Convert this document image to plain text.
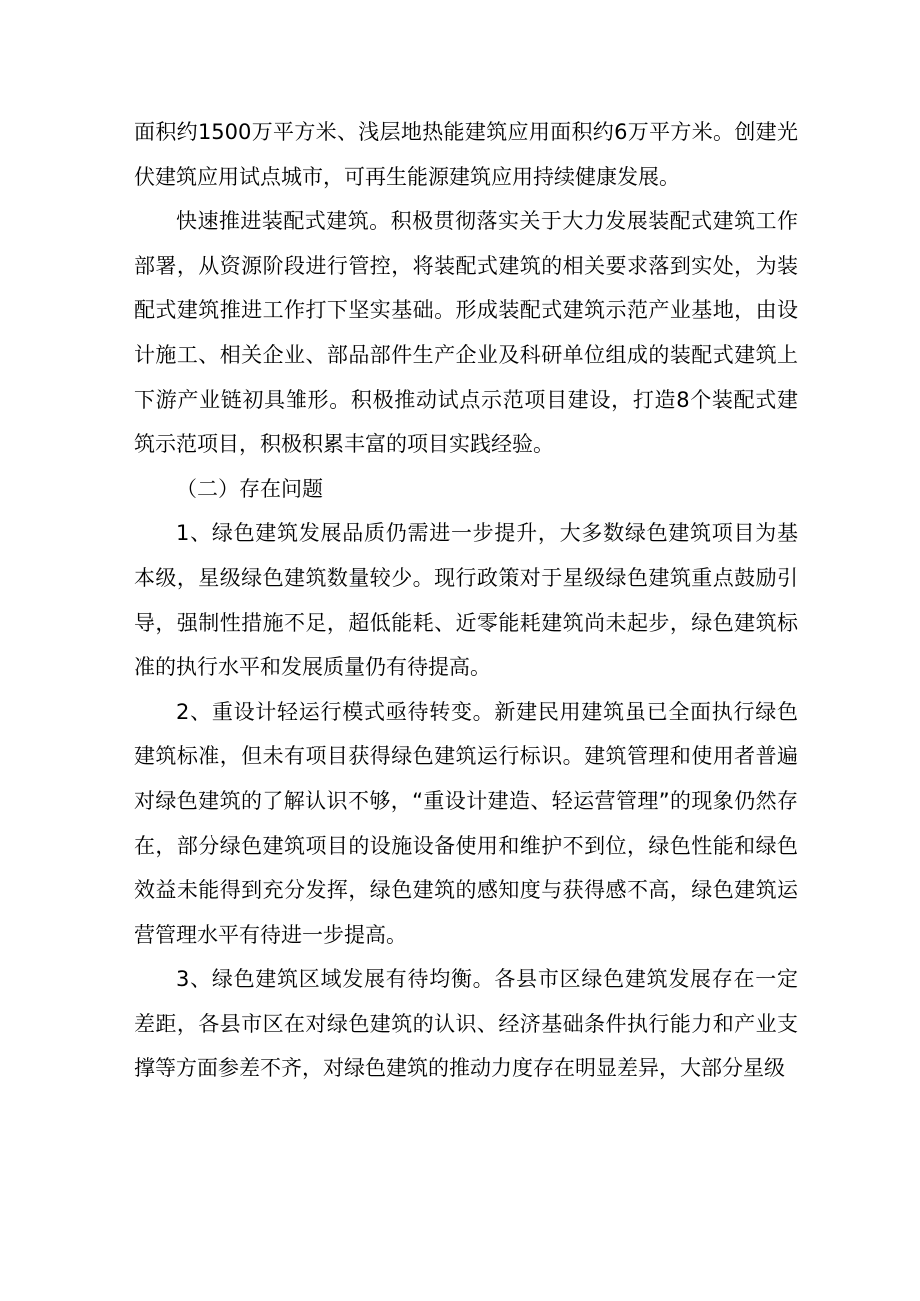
面积约1500万平方米、浅层地热能建筑应用面积约6万平方米。创建光伏建筑应用试点城市，可再生能源建筑应用持续健康发展。

快速推进装配式建筑。积极贯彻落实关于大力发展装配式建筑工作部署，从资源阶段进行管控，将装配式建筑的相关要求落到实处，为装配式建筑推进工作打下坚实基础。形成装配式建筑示范产业基地，由设计施工、相关企业、部品部件生产企业及科研单位组成的装配式建筑上下游产业链初具雏形。积极推动试点示范项目建设，打造8个装配式建筑示范项目，积极积累丰富的项目实践经验。

（二）存在问题

1、绿色建筑发展品质仍需进一步提升，大多数绿色建筑项目为基本级，星级绿色建筑数量较少。现行政策对于星级绿色建筑重点鼓励引导，强制性措施不足，超低能耗、近零能耗建筑尚未起步，绿色建筑标准的执行水平和发展质量仍有待提高。

2、重设计轻运行模式亟待转变。新建民用建筑虽已全面执行绿色建筑标准，但未有项目获得绿色建筑运行标识。建筑管理和使用者普遍对绿色建筑的了解认识不够，“重设计建造、轻运营管理”的现象仍然存在，部分绿色建筑项目的设施设备使用和维护不到位，绿色性能和绿色效益未能得到充分发挥，绿色建筑的感知度与获得感不高，绿色建筑运营管理水平有待进一步提高。

3、绿色建筑区域发展有待均衡。各县市区绿色建筑发展存在一定差距，各县市区在对绿色建筑的认识、经济基础条件执行能力和产业支撑等方面参差不齐，对绿色建筑的推动力度存在明显差异，大部分星级
